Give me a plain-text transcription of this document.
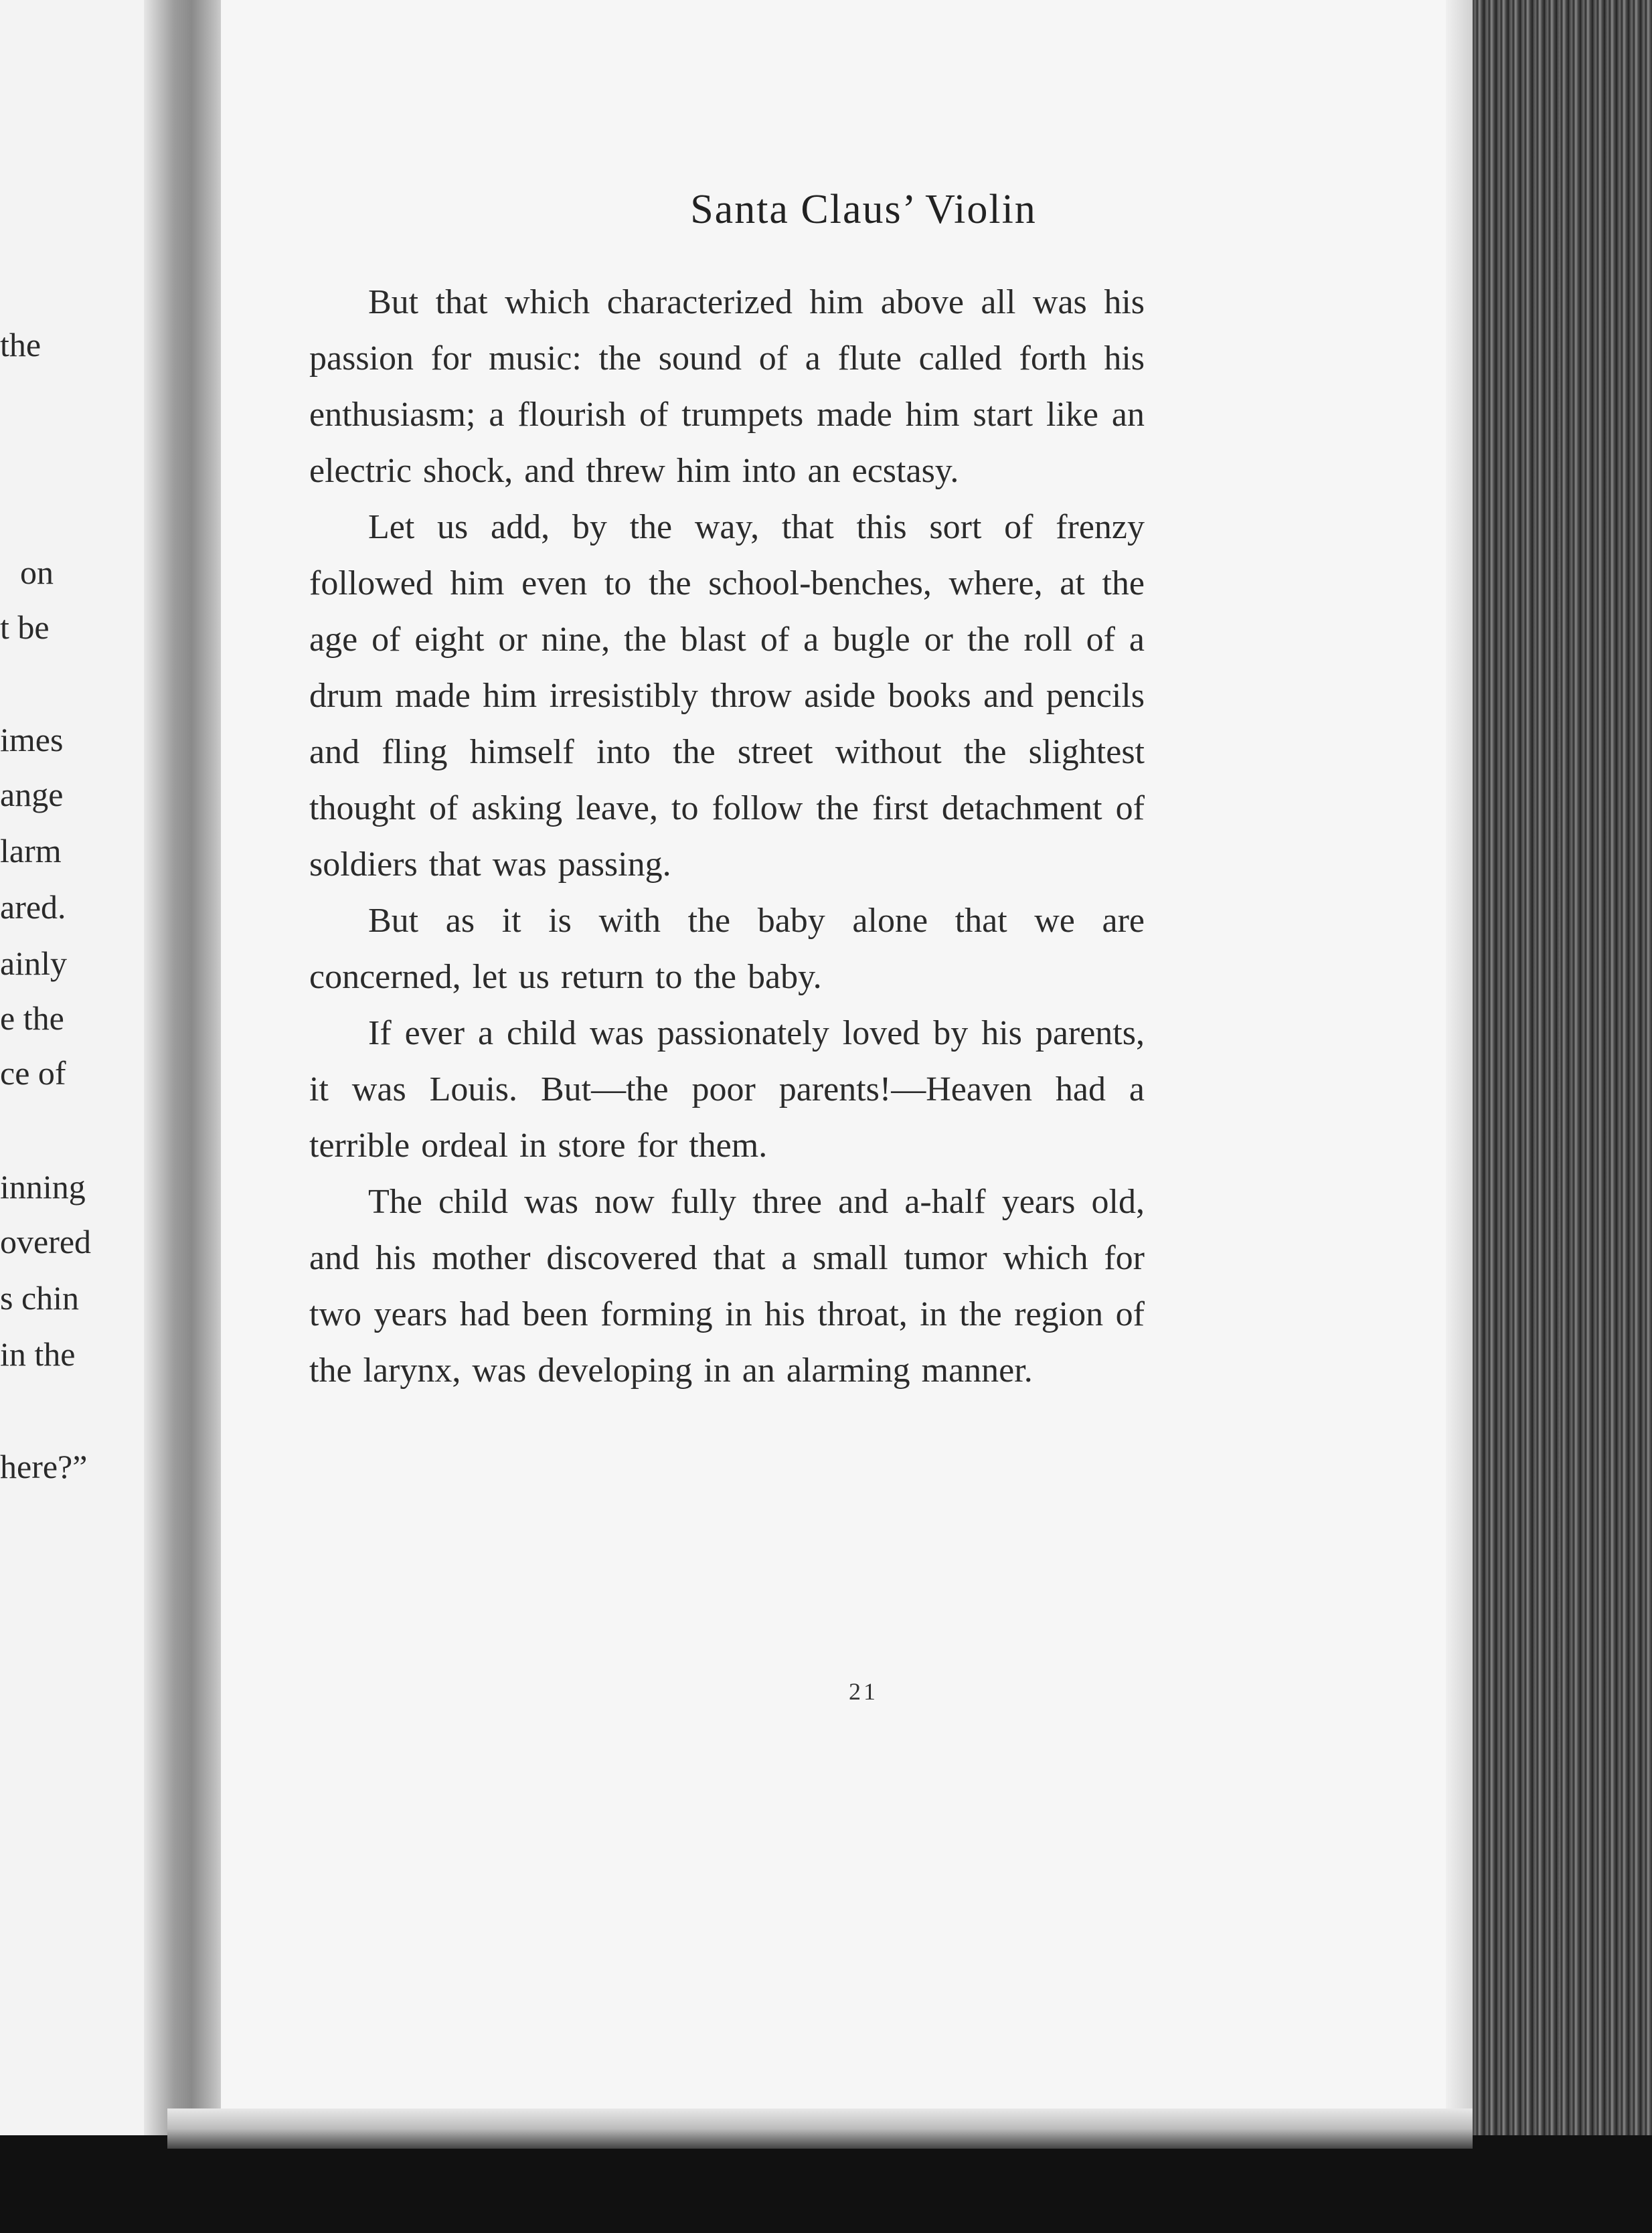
the
on
t be
imes
ange
larm
ared.
ainly
e the
ce of
inning
overed
s chin
in the
here?”
Santa Claus’ Violin

But that which characterized him above all was his passion for music: the sound of a flute called forth his enthusiasm; a flourish of trumpets made him start like an electric shock, and threw him into an ecstasy.

Let us add, by the way, that this sort of frenzy followed him even to the school-benches, where, at the age of eight or nine, the blast of a bugle or the roll of a drum made him irresistibly throw aside books and pencils and fling himself into the street without the slightest thought of asking leave, to follow the first detachment of soldiers that was passing.

But as it is with the baby alone that we are concerned, let us return to the baby.

If ever a child was passionately loved by his parents, it was Louis. But—the poor parents!—Heaven had a terrible ordeal in store for them.

The child was now fully three and a-half years old, and his mother discovered that a small tumor which for two years had been forming in his throat, in the region of the larynx, was developing in an alarming manner.

21
